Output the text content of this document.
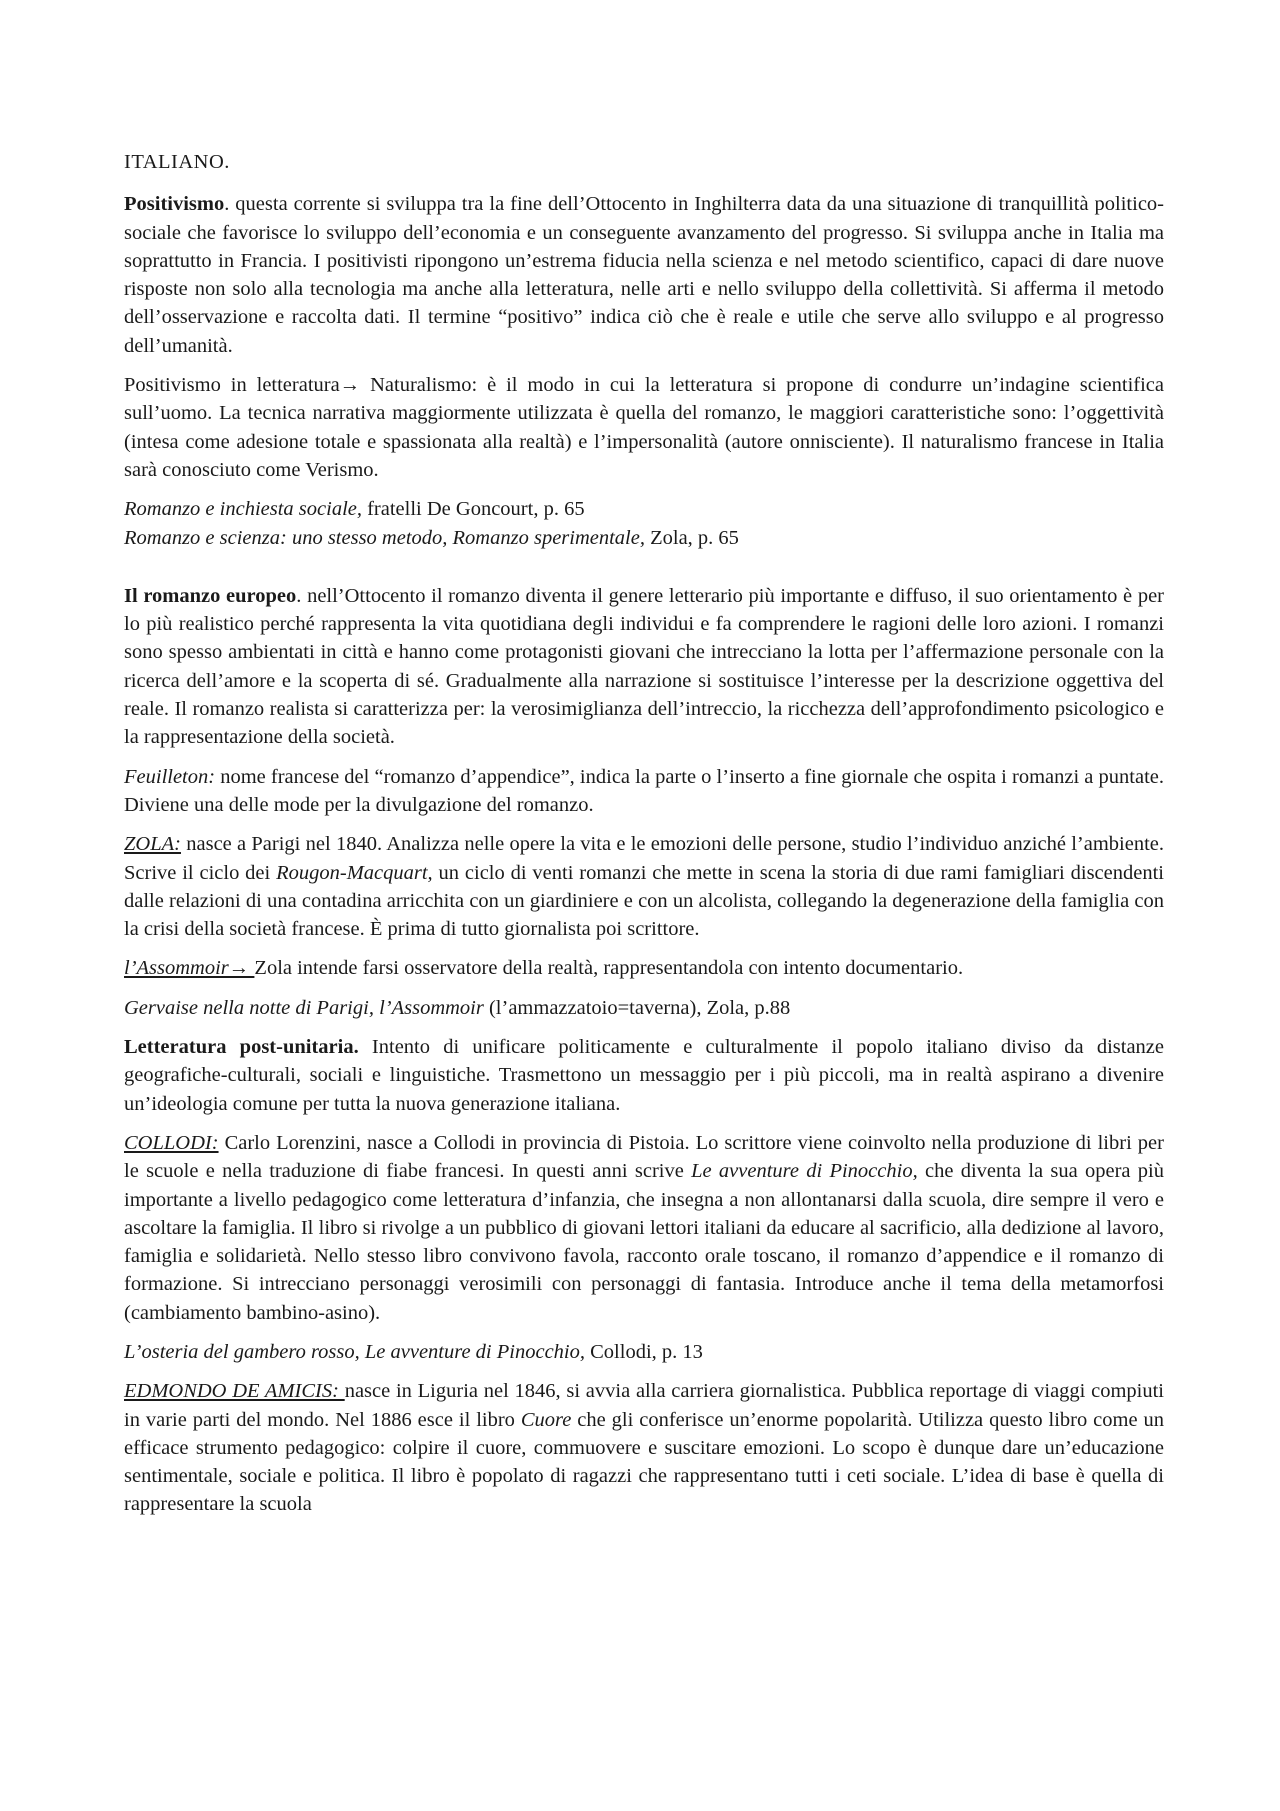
ITALIANO.

Positivismo. questa corrente si sviluppa tra la fine dell’Ottocento in Inghilterra data da una situazione di tranquillità politico-sociale che favorisce lo sviluppo dell’economia e un conseguente avanzamento del progresso. Si sviluppa anche in Italia ma soprattutto in Francia. I positivisti ripongono un’estrema fiducia nella scienza e nel metodo scientifico, capaci di dare nuove risposte non solo alla tecnologia ma anche alla letteratura, nelle arti e nello sviluppo della collettività. Si afferma il metodo dell’osservazione e raccolta dati. Il termine “positivo” indica ciò che è reale e utile che serve allo sviluppo e al progresso dell’umanità.

Positivismo in letteratura→ Naturalismo: è il modo in cui la letteratura si propone di condurre un’indagine scientifica sull’uomo. La tecnica narrativa maggiormente utilizzata è quella del romanzo, le maggiori caratteristiche sono: l’oggettività (intesa come adesione totale e spassionata alla realtà) e l’impersonalità (autore onnisciente). Il naturalismo francese in Italia sarà conosciuto come Verismo.

Romanzo e inchiesta sociale, fratelli De Goncourt, p. 65

Romanzo e scienza: uno stesso metodo, Romanzo sperimentale, Zola, p. 65

Il romanzo europeo. nell’Ottocento il romanzo diventa il genere letterario più importante e diffuso, il suo orientamento è per lo più realistico perché rappresenta la vita quotidiana degli individui e fa comprendere le ragioni delle loro azioni. I romanzi sono spesso ambientati in città e hanno come protagonisti giovani che intrecciano la lotta per l’affermazione personale con la ricerca dell’amore e la scoperta di sé. Gradualmente alla narrazione si sostituisce l’interesse per la descrizione oggettiva del reale. Il romanzo realista si caratterizza per: la verosimiglianza dell’intreccio, la ricchezza dell’approfondimento psicologico e la rappresentazione della società.

Feuilleton: nome francese del “romanzo d’appendice”, indica la parte o l’inserto a fine giornale che ospita i romanzi a puntate. Diviene una delle mode per la divulgazione del romanzo.

ZOLA: nasce a Parigi nel 1840. Analizza nelle opere la vita e le emozioni delle persone, studio l’individuo anziché l’ambiente. Scrive il ciclo dei Rougon-Macquart, un ciclo di venti romanzi che mette in scena la storia di due rami famigliari discendenti dalle relazioni di una contadina arricchita con un giardiniere e con un alcolista, collegando la degenerazione della famiglia con la crisi della società francese. È prima di tutto giornalista poi scrittore.

l’Assommoir→ Zola intende farsi osservatore della realtà, rappresentandola con intento documentario.

Gervaise nella notte di Parigi, l’Assommoir (l’ammazzatoio=taverna), Zola, p.88

Letteratura post-unitaria. Intento di unificare politicamente e culturalmente il popolo italiano diviso da distanze geografiche-culturali, sociali e linguistiche. Trasmettono un messaggio per i più piccoli, ma in realtà aspirano a divenire un’ideologia comune per tutta la nuova generazione italiana.

COLLODI: Carlo Lorenzini, nasce a Collodi in provincia di Pistoia. Lo scrittore viene coinvolto nella produzione di libri per le scuole e nella traduzione di fiabe francesi. In questi anni scrive Le avventure di Pinocchio, che diventa la sua opera più importante a livello pedagogico come letteratura d’infanzia, che insegna a non allontanarsi dalla scuola, dire sempre il vero e ascoltare la famiglia. Il libro si rivolge a un pubblico di giovani lettori italiani da educare al sacrificio, alla dedizione al lavoro, famiglia e solidarietà. Nello stesso libro convivono favola, racconto orale toscano, il romanzo d’appendice e il romanzo di formazione. Si intrecciano personaggi verosimili con personaggi di fantasia. Introduce anche il tema della metamorfosi (cambiamento bambino-asino).

L’osteria del gambero rosso, Le avventure di Pinocchio, Collodi, p. 13

EDMONDO DE AMICIS: nasce in Liguria nel 1846, si avvia alla carriera giornalistica. Pubblica reportage di viaggi compiuti in varie parti del mondo. Nel 1886 esce il libro Cuore che gli conferisce un’enorme popolarità. Utilizza questo libro come un efficace strumento pedagogico: colpire il cuore, commuovere e suscitare emozioni. Lo scopo è dunque dare un’educazione sentimentale, sociale e politica. Il libro è popolato di ragazzi che rappresentano tutti i ceti sociale. L’idea di base è quella di rappresentare la scuola
